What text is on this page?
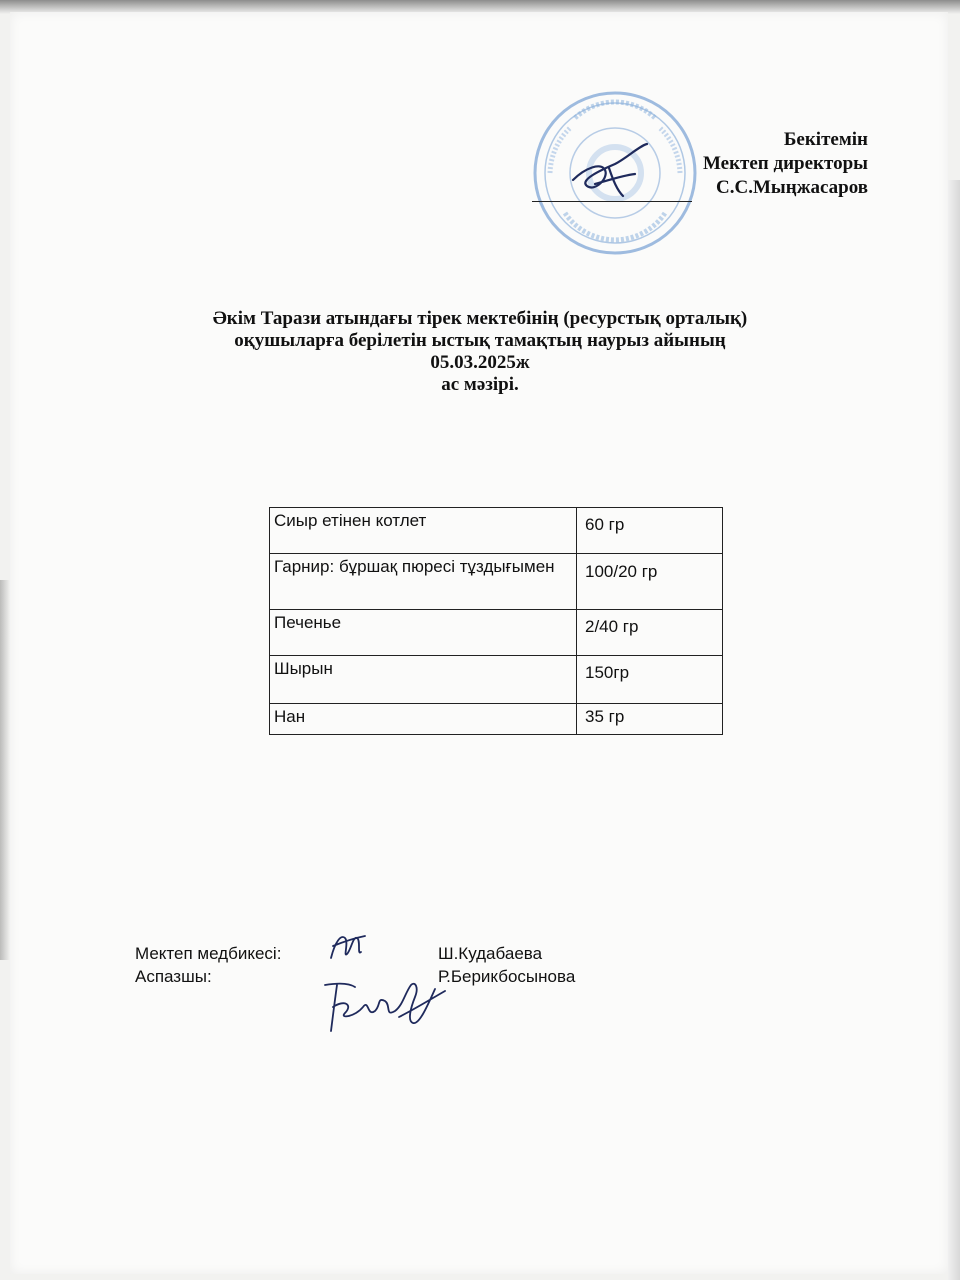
Бекітемін
Мектеп директоры
С.С.Мыңжасаров
Әкім Тарази атындағы тірек мектебінің (ресурстық орталық)
оқушыларға берілетін ыстық тамақтың наурыз айының
05.03.2025ж
ас мәзірі.
Сиыр етінен котлет	60 гр
Гарнир: бұршақ пюресі тұздығымен	100/20 гр
Печенье	2/40 гр
Шырын	150гр
Нан	35 гр
Мектеп медбикесі:	Ш.Кудабаева
Аспазшы:	Р.Берикбосынова
